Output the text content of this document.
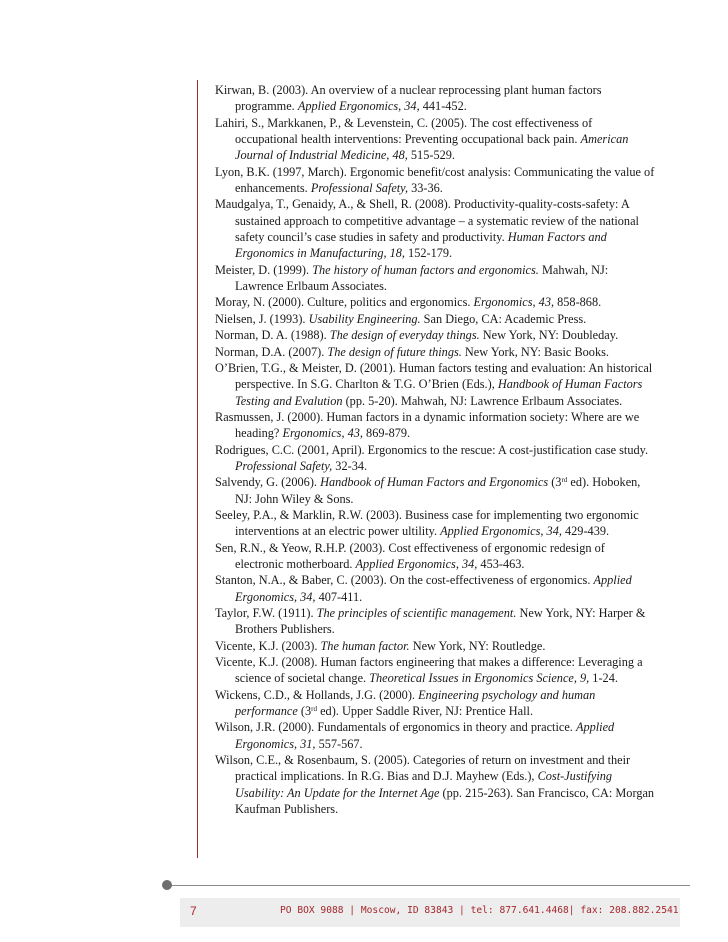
Kirwan, B. (2003). An overview of a nuclear reprocessing plant human factors programme. Applied Ergonomics, 34, 441-452.

Lahiri, S., Markkanen, P., & Levenstein, C. (2005). The cost effectiveness of occupational health interventions: Preventing occupational back pain. American Journal of Industrial Medicine, 48, 515-529.

Lyon, B.K. (1997, March). Ergonomic benefit/cost analysis: Communicating the value of enhancements. Professional Safety, 33-36.

Maudgalya, T., Genaidy, A., & Shell, R. (2008). Productivity-quality-costs-safety: A sustained approach to competitive advantage – a systematic review of the national safety council’s case studies in safety and productivity. Human Factors and Ergonomics in Manufacturing, 18, 152-179.

Meister, D. (1999). The history of human factors and ergonomics. Mahwah, NJ: Lawrence Erlbaum Associates.

Moray, N. (2000). Culture, politics and ergonomics. Ergonomics, 43, 858-868.

Nielsen, J. (1993). Usability Engineering. San Diego, CA: Academic Press.

Norman, D. A. (1988). The design of everyday things. New York, NY: Doubleday.

Norman, D.A. (2007). The design of future things. New York, NY: Basic Books.

O’Brien, T.G., & Meister, D. (2001). Human factors testing and evaluation: An historical perspective. In S.G. Charlton & T.G. O’Brien (Eds.), Handbook of Human Factors Testing and Evalution (pp. 5-20). Mahwah, NJ: Lawrence Erlbaum Associates.

Rasmussen, J. (2000). Human factors in a dynamic information society: Where are we heading? Ergonomics, 43, 869-879.

Rodrigues, C.C. (2001, April). Ergonomics to the rescue: A cost-justification case study. Professional Safety, 32-34.

Salvendy, G. (2006). Handbook of Human Factors and Ergonomics (3rd ed). Hoboken, NJ: John Wiley & Sons.

Seeley, P.A., & Marklin, R.W. (2003). Business case for implementing two ergonomic interventions at an electric power ultility. Applied Ergonomics, 34, 429-439.

Sen, R.N., & Yeow, R.H.P. (2003). Cost effectiveness of ergonomic redesign of electronic motherboard. Applied Ergonomics, 34, 453-463.

Stanton, N.A., & Baber, C. (2003). On the cost-effectiveness of ergonomics. Applied Ergonomics, 34, 407-411.

Taylor, F.W. (1911). The principles of scientific management. New York, NY: Harper & Brothers Publishers.

Vicente, K.J. (2003). The human factor. New York, NY: Routledge.

Vicente, K.J. (2008). Human factors engineering that makes a difference: Leveraging a science of societal change. Theoretical Issues in Ergonomics Science, 9, 1-24.

Wickens, C.D., & Hollands, J.G. (2000). Engineering psychology and human performance (3rd ed). Upper Saddle River, NJ: Prentice Hall.

Wilson, J.R. (2000). Fundamentals of ergonomics in theory and practice. Applied Ergonomics, 31, 557-567.

Wilson, C.E., & Rosenbaum, S. (2005). Categories of return on investment and their practical implications. In R.G. Bias and D.J. Mayhew (Eds.), Cost-Justifying Usability: An Update for the Internet Age (pp. 215-263). San Francisco, CA: Morgan Kaufman Publishers.

7	PO BOX 9088 | Moscow, ID 83843 | tel: 877.641.4468| fax: 208.882.2541
